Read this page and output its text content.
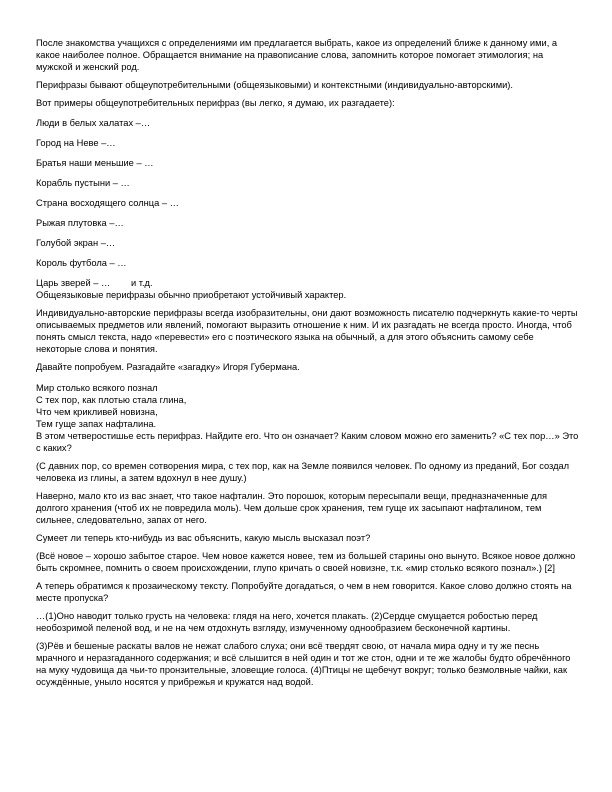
После знакомства учащихся с определениями им предлагается выбрать, какое из определений ближе к данному ими, а какое наиболее полное. Обращается внимание на правописание слова, запомнить которое помогает этимология; на мужской и женский род.

Перифразы бывают общеупотребительными (общеязыковыми) и контекстными (индивидуально-авторскими).

Вот примеры общеупотребительных перифраз (вы легко, я думаю, их разгадаете):

Люди в белых халатах –…

Город на Неве –…

Братья наши меньшие – …

Корабль пустыни – …

Страна восходящего солнца – …

Рыжая плутовка –…

Голубой экран –…

Король футбола – …

Царь зверей – …        и т.д.

Общеязыковые перифразы обычно приобретают устойчивый характер.

Индивидуально-авторские перифразы всегда изобразительны, они дают возможность писателю подчеркнуть какие-то черты описываемых предметов или явлений, помогают выразить отношение к ним. И их разгадать не всегда просто. Иногда, чтоб понять смысл текста, надо «перевести» его с поэтического языка на обычный, а для этого объяснить самому себе некоторые слова и понятия.

Давайте попробуем. Разгадайте «загадку» Игоря Губермана.

Мир столько всякого познал

С тех пор, как плотью стала глина,

Что чем крикливей новизна,

Тем гуще запах нафталина.

В этом четверостишье есть перифраз. Найдите его. Что он означает? Каким словом можно его заменить? «С тех пор…» Это с каких?

(С давних пор, со времен сотворения мира, с тех пор, как на Земле появился человек. По одному из преданий, Бог создал человека из глины, а затем вдохнул в нее душу.)

Наверно, мало кто из вас знает, что такое нафталин. Это порошок, которым пересыпали вещи, предназначенные для долгого хранения (чтоб их не повредила моль). Чем дольше срок хранения, тем гуще их засыпают нафталином, тем сильнее, следовательно, запах от него.

Сумеет ли теперь кто-нибудь из вас объяснить, какую мысль высказал поэт?

(Всё новое – хорошо забытое старое. Чем новое кажется новее, тем из большей старины оно вынуто. Всякое новое должно быть скромнее, помнить о своем происхождении, глупо кричать о своей новизне, т.к. «мир столько всякого познал».) [2]

А теперь обратимся к прозаическому тексту. Попробуйте догадаться, о чем в нем говорится. Какое слово должно стоять на месте пропуска?

…(1)Оно наводит только грусть на человека: глядя на него, хочется плакать. (2)Сердце смущается робостью перед необозримой пеленой вод, и не на чем отдохнуть взгляду, измученному однообразием бесконечной картины.

(3)Рёв и бешеные раскаты валов не нежат слабого слуха; они всё твердят свою, от начала мира одну и ту же песнь мрачного и неразгаданного содержания; и всё слышится в ней один и тот же стон, одни и те же жалобы будто обречённого на муку чудовища да чьи-то пронзительные, зловещие голоса. (4)Птицы не щебечут вокруг; только безмолвные чайки, как осуждённые, уныло носятся у прибрежья и кружатся над водой.
